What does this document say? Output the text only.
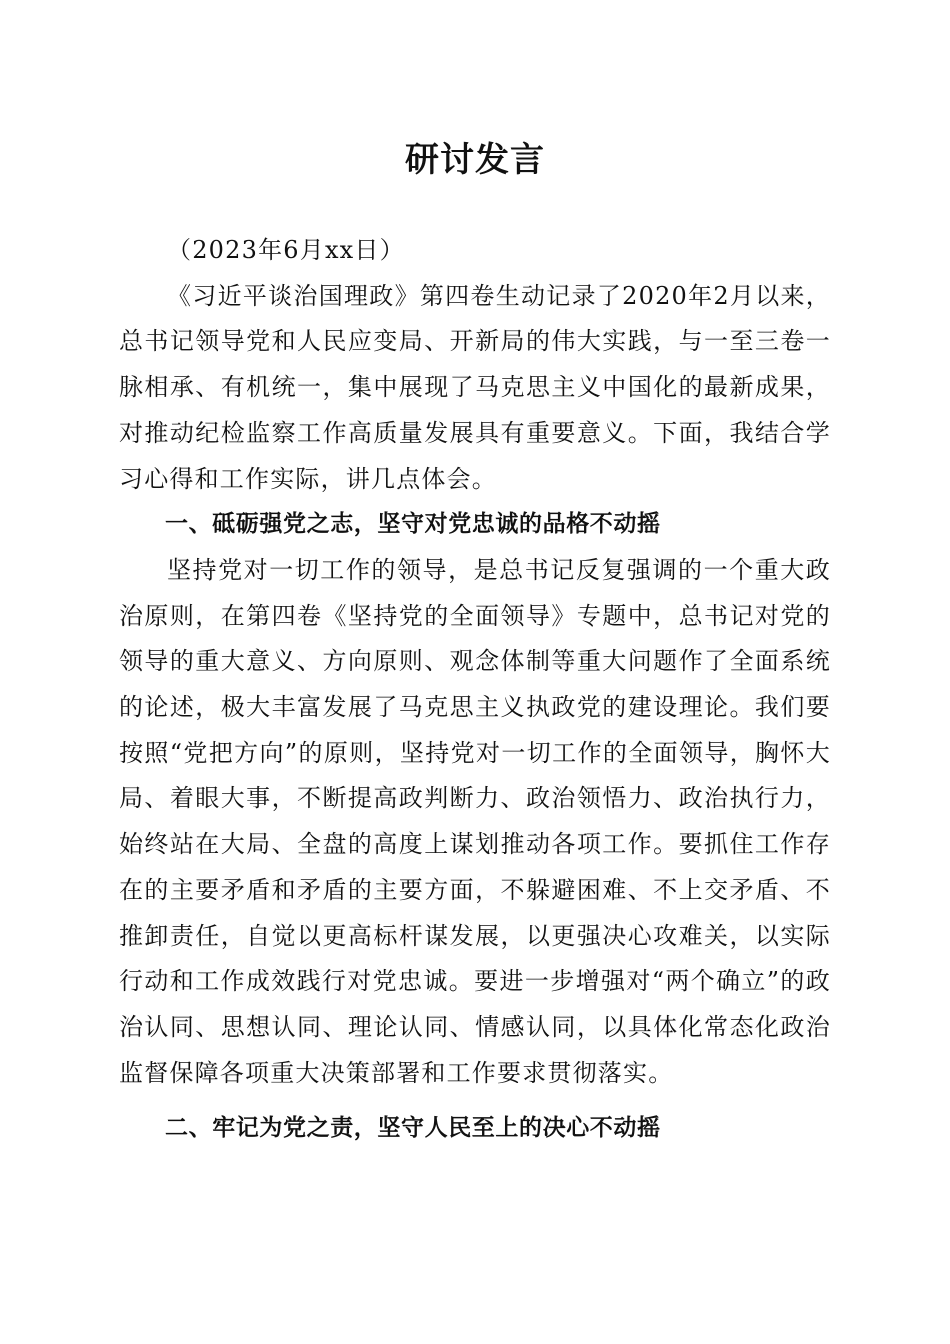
研讨发言

（2023年6月xx日）

《习近平谈治国理政》第四卷生动记录了2020年2月以来，总书记领导党和人民应变局、开新局的伟大实践，与一至三卷一脉相承、有机统一，集中展现了马克思主义中国化的最新成果，对推动纪检监察工作高质量发展具有重要意义。下面，我结合学习心得和工作实际，讲几点体会。

一、砥砺强党之志，坚守对党忠诚的品格不动摇

坚持党对一切工作的领导，是总书记反复强调的一个重大政治原则，在第四卷《坚持党的全面领导》专题中，总书记对党的领导的重大意义、方向原则、观念体制等重大问题作了全面系统的论述，极大丰富发展了马克思主义执政党的建设理论。我们要按照“党把方向”的原则，坚持党对一切工作的全面领导，胸怀大局、着眼大事，不断提高政判断力、政治领悟力、政治执行力，始终站在大局、全盘的高度上谋划推动各项工作。要抓住工作存在的主要矛盾和矛盾的主要方面，不躲避困难、不上交矛盾、不推卸责任，自觉以更高标杆谋发展，以更强决心攻难关，以实际行动和工作成效践行对党忠诚。要进一步增强对“两个确立”的政治认同、思想认同、理论认同、情感认同，以具体化常态化政治监督保障各项重大决策部署和工作要求贯彻落实。

二、牢记为党之责，坚守人民至上的决心不动摇
